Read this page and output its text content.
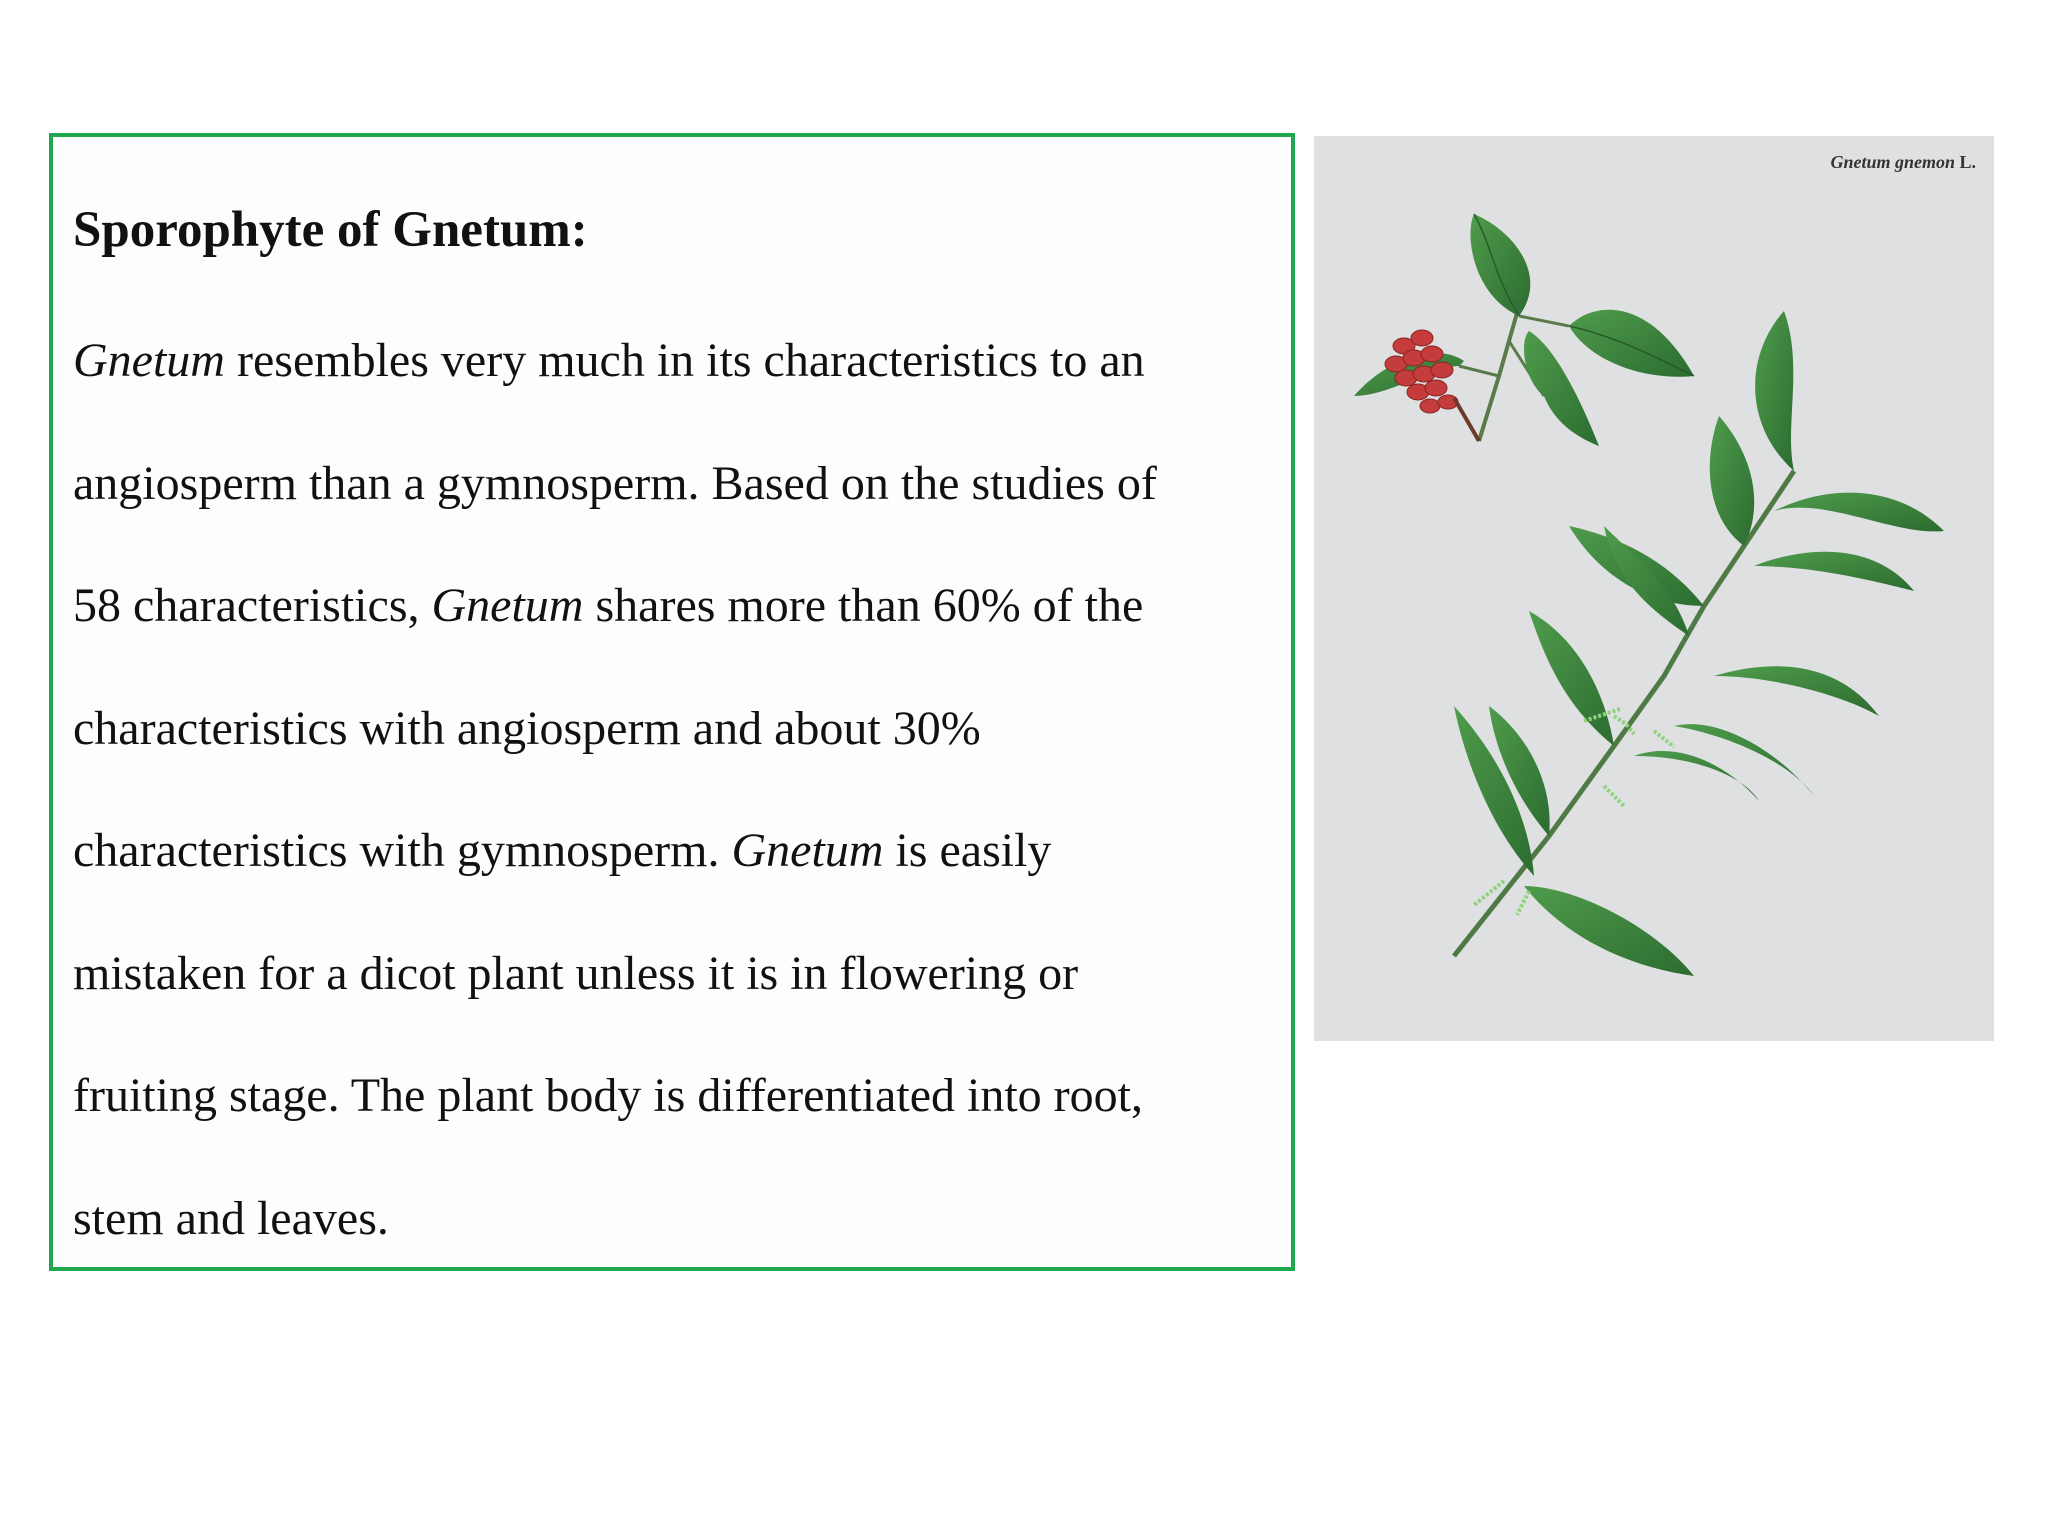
Sporophyte of Gnetum:
Gnetum resembles very much in its characteristics to an
angiosperm than a gymnosperm. Based on the studies of
58 characteristics, Gnetum shares more than 60% of the
characteristics with angiosperm and about 30%
characteristics with gymnosperm. Gnetum is easily
mistaken for a dicot plant unless it is in flowering or
fruiting stage. The plant body is differentiated into root,
stem and leaves.
Gnetum gnemon L.
